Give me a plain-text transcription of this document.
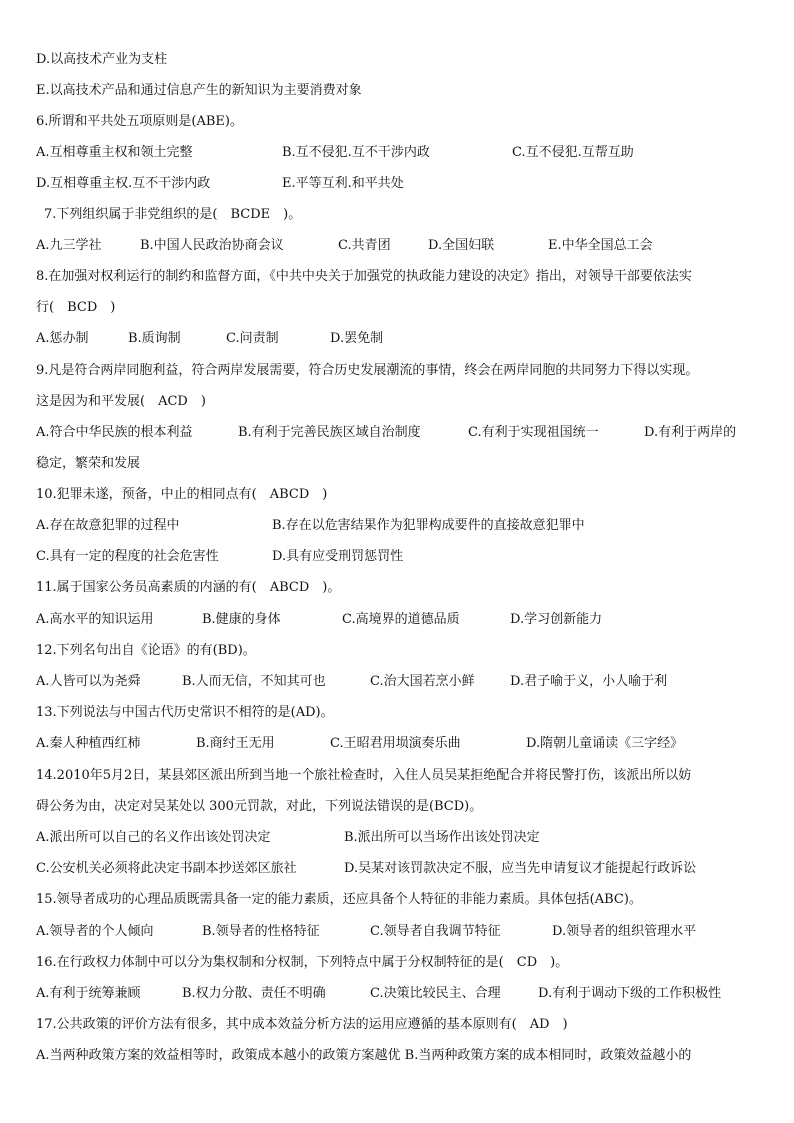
D.以高技术产业为支柱
E.以高技术产品和通过信息产生的新知识为主要消费对象
6.所谓和平共处五项原则是(ABE)。
A.互相尊重主权和领土完整	B.互不侵犯.互不干涉内政	C.互不侵犯.互帮互助
D.互相尊重主权.互不干涉内政	E.平等互利.和平共处
7.下列组织属于非党组织的是(　BCDE　)。
A.九三学社	B.中国人民政治协商会议	C.共青团	D.全国妇联	E.中华全国总工会
8.在加强对权利运行的制约和监督方面，《中共中央关于加强党的执政能力建设的决定》指出，对领导干部要依法实
行(　BCD　)
A.惩办制	B.质询制	C.问责制	D.罢免制
9.凡是符合两岸同胞利益，符合两岸发展需要，符合历史发展潮流的事情，终会在两岸同胞的共同努力下得以实现。
这是因为和平发展(　ACD　)
A.符合中华民族的根本利益	B.有利于完善民族区域自治制度	C.有利于实现祖国统一	D.有利于两岸的
稳定，繁荣和发展
10.犯罪未遂，预备，中止的相同点有(　ABCD　)
A.存在故意犯罪的过程中	B.存在以危害结果作为犯罪构成要件的直接故意犯罪中
C.具有一定的程度的社会危害性	D.具有应受刑罚惩罚性
11.属于国家公务员高素质的内涵的有(　ABCD　)。
A.高水平的知识运用	B.健康的身体	C.高境界的道德品质	D.学习创新能力
12.下列名句出自《论语》的有(BD)。
A.人皆可以为尧舜	B.人而无信，不知其可也	C.治大国若烹小鲜	D.君子喻于义，小人喻于利
13.下列说法与中国古代历史常识不相符的是(AD)。
A.秦人种植西红柿	B.商纣王无用	C.王昭君用埙演奏乐曲	D.隋朝儿童诵读《三字经》
14.2010年5月2日，某县郊区派出所到当地一个旅社检查时，入住人员吴某拒绝配合并将民警打伤，该派出所以妨
碍公务为由，决定对吴某处以 300元罚款，对此，下列说法错误的是(BCD)。
A.派出所可以自己的名义作出该处罚决定	B.派出所可以当场作出该处罚决定
C.公安机关必须将此决定书副本抄送郊区旅社	D.吴某对该罚款决定不服，应当先申请复议才能提起行政诉讼
15.领导者成功的心理品质既需具备一定的能力素质，还应具备个人特征的非能力素质。具体包括(ABC)。
A.领导者的个人倾向	B.领导者的性格特征	C.领导者自我调节特征	D.领导者的组织管理水平
16.在行政权力体制中可以分为集权制和分权制，下列特点中属于分权制特征的是(　CD　)。
A.有利于统筹兼顾	B.权力分散、责任不明确	C.决策比较民主、合理	D.有利于调动下级的工作积极性
17.公共政策的评价方法有很多，其中成本效益分析方法的运用应遵循的基本原则有(　AD　)
A.当两种政策方案的效益相等时，政策成本越小的政策方案越优 B.当两种政策方案的成本相同时，政策效益越小的
